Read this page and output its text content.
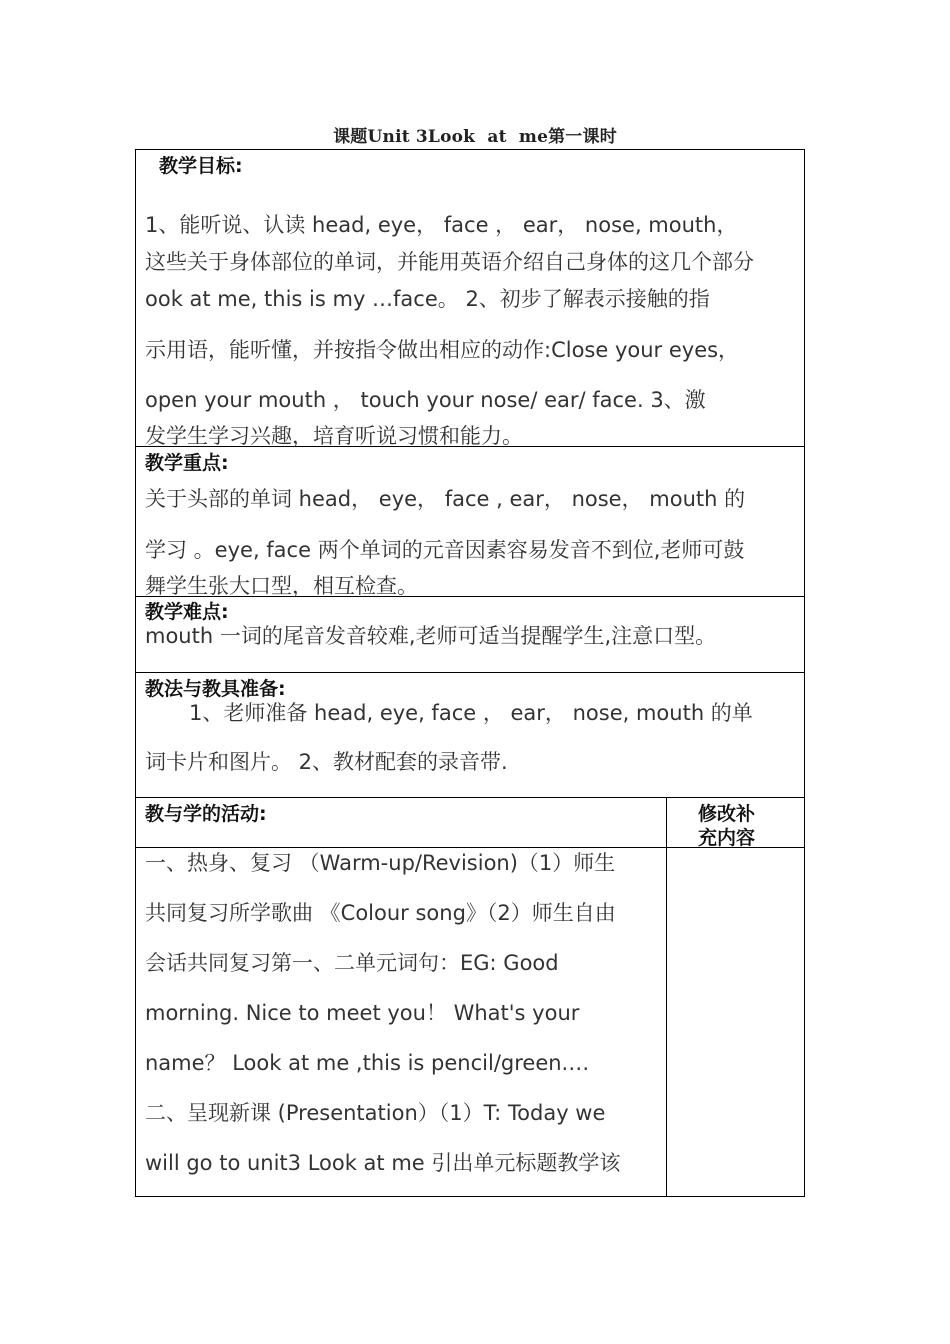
课题Unit 3Look  at  me第一课时
教学目标:
1、能听说、认读 head, eye， face ， ear， nose, mouth，
这些关于身体部位的单词，并能用英语介绍自己身体的这几个部分
ook at me, this is my …face。 2、初步了解表示接触的指
示用语，能听懂，并按指令做出相应的动作:Close your eyes，
open your mouth ， touch your nose/ ear/ face. 3、激
发学生学习兴趣，培育听说习惯和能力。
教学重点:
关于头部的单词 head， eye， face , ear， nose， mouth 的
学习 。eye, face 两个单词的元音因素容易发音不到位,老师可鼓
舞学生张大口型，相互检查。
教学难点:
mouth 一词的尾音发音较难,老师可适当提醒学生,注意口型。
教法与教具准备:
1、老师准备 head, eye, face ， ear， nose, mouth 的单
词卡片和图片。 2、教材配套的录音带.
教与学的活动:	修改补
充内容
一、热身、复习 （Warm-up/Revision)（1）师生
共同复习所学歌曲 《Colour song》（2）师生自由
会话共同复习第一、二单元词句：EG: Good
morning. Nice to meet you！ What's your
name？ Look at me ,this is pencil/green.…
二、呈现新课 (Presentation）（1）T: Today we
will go to unit3 Look at me 引出单元标题教学该
